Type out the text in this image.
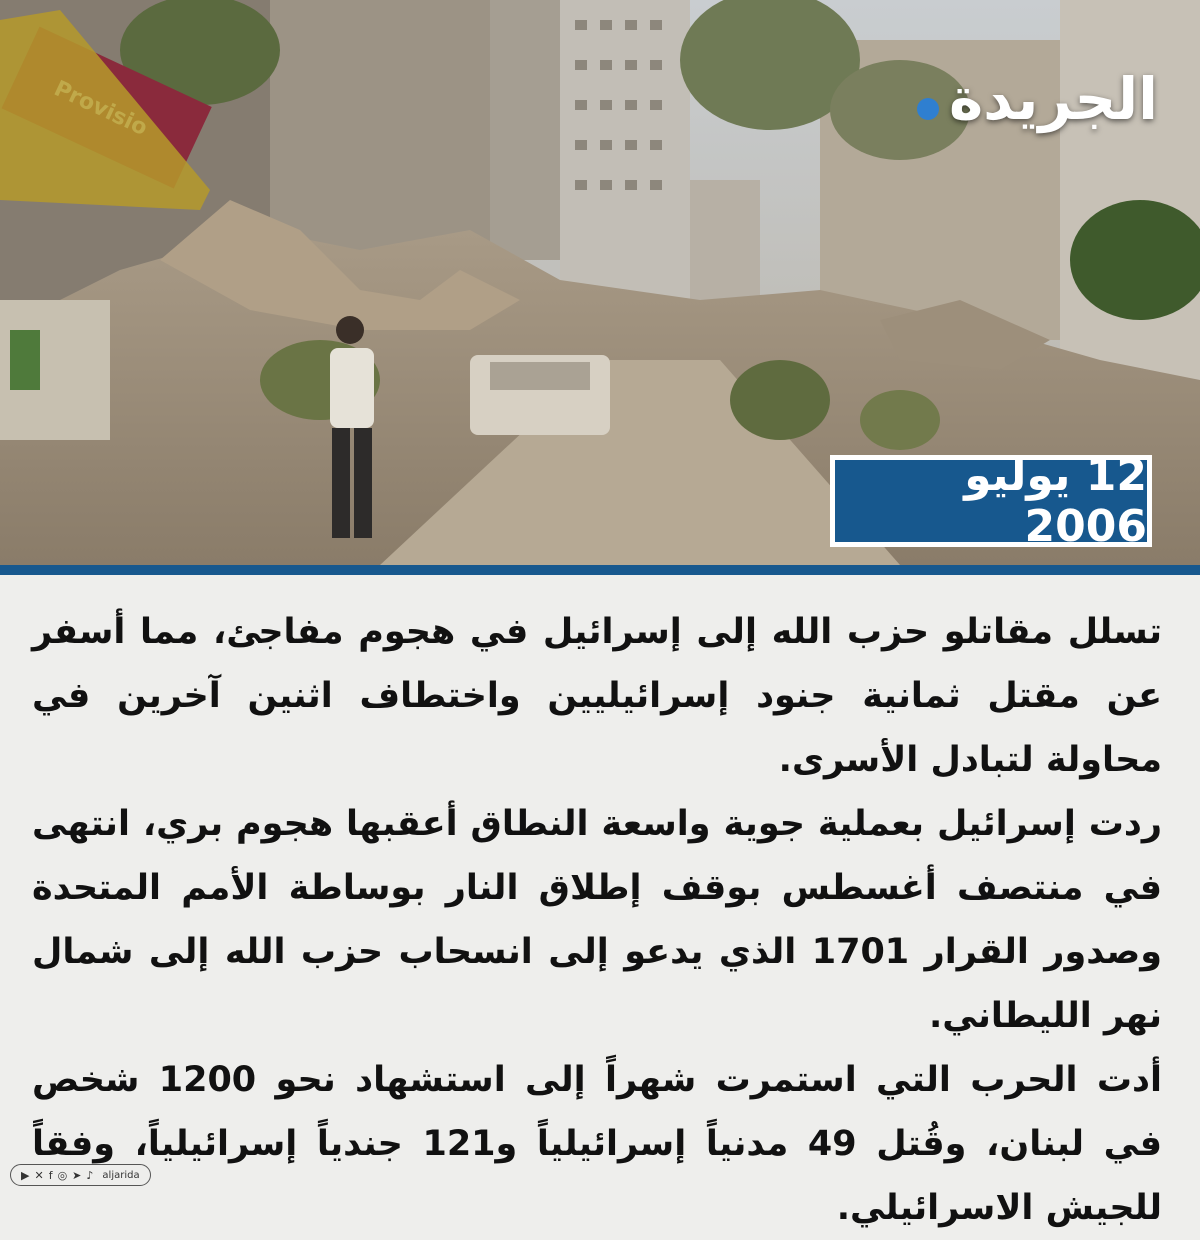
الجريدة
12 يوليو 2006

تسلل مقاتلو حزب الله إلى إسرائيل في هجوم مفاجئ، مما أسفر عن مقتل ثمانية جنود إسرائيليين واختطاف اثنين آخرين في محاولة لتبادل الأسرى.

ردت إسرائيل بعملية جوية واسعة النطاق أعقبها هجوم بري، انتهى في منتصف أغسطس بوقف إطلاق النار بوساطة الأمم المتحدة وصدور القرار 1701 الذي يدعو إلى انسحاب حزب الله إلى شمال نهر الليطاني.

أدت الحرب التي استمرت شهراً إلى استشهاد نحو 1200 شخص في لبنان، وقُتل 49 مدنياً إسرائيلياً و121 جندياً إسرائيلياً، وفقاً للجيش الاسرائيلي.

▶ ✕ f ◎ ➤ ♪ aljarida
